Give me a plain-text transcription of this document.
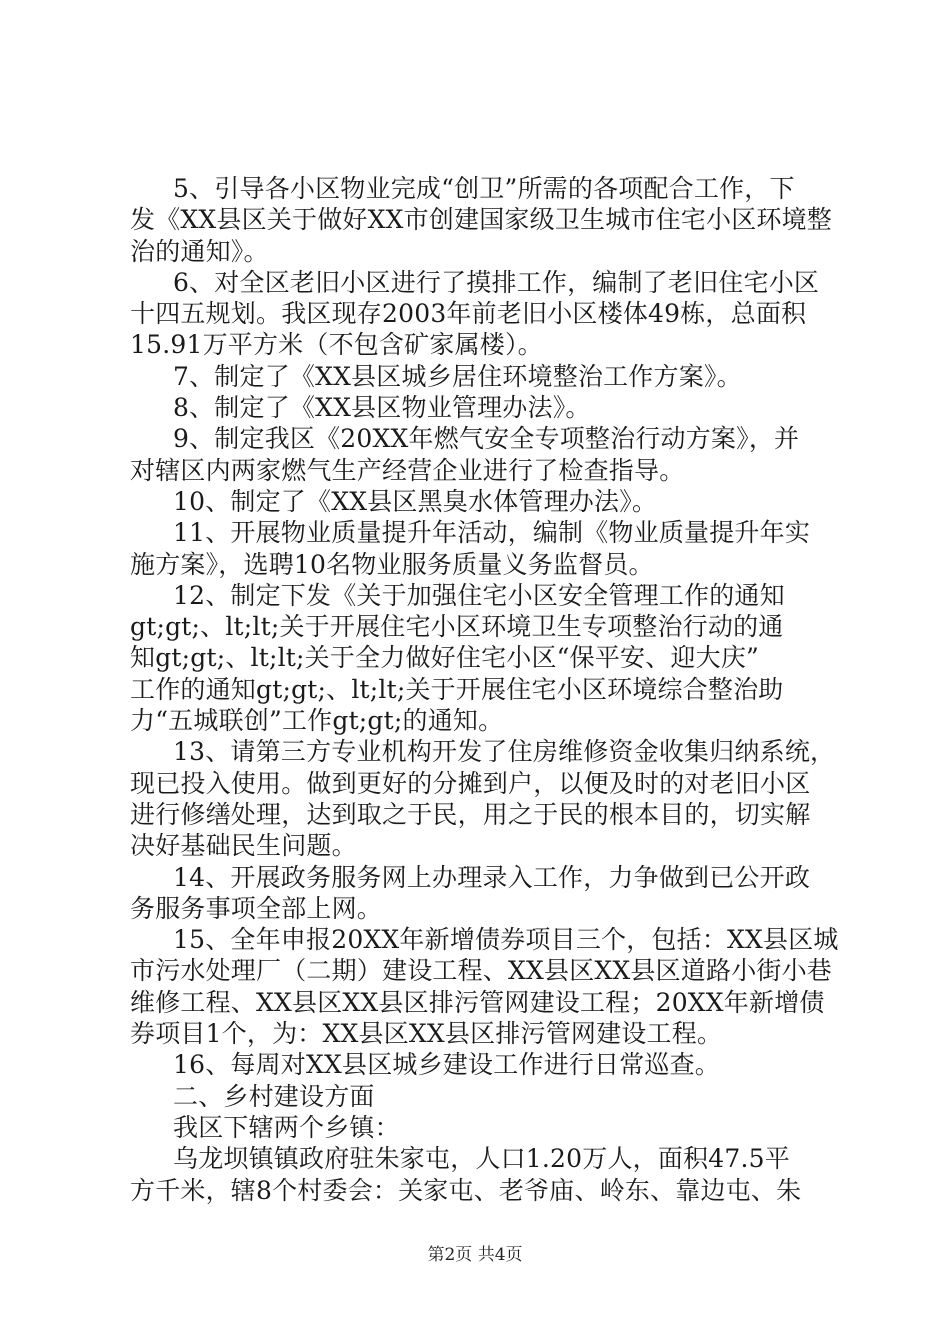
5、引导各小区物业完成“创卫”所需的各项配合工作，下
发《XX县区关于做好XX市创建国家级卫生城市住宅小区环境整
治的通知》。
6、对全区老旧小区进行了摸排工作，编制了老旧住宅小区
十四五规划。我区现存2003年前老旧小区楼体49栋，总面积
15.91万平方米（不包含矿家属楼）。
7、制定了《XX县区城乡居住环境整治工作方案》。
8、制定了《XX县区物业管理办法》。
9、制定我区《20XX年燃气安全专项整治行动方案》，并
对辖区内两家燃气生产经营企业进行了检查指导。
10、制定了《XX县区黑臭水体管理办法》。
11、开展物业质量提升年活动，编制《物业质量提升年实
施方案》，选聘10名物业服务质量义务监督员。
12、制定下发《关于加强住宅小区安全管理工作的通知
gt;gt;、lt;lt;关于开展住宅小区环境卫生专项整治行动的通
知gt;gt;、lt;lt;关于全力做好住宅小区“保平安、迎大庆”
工作的通知gt;gt;、lt;lt;关于开展住宅小区环境综合整治助
力“五城联创”工作gt;gt;的通知。
13、请第三方专业机构开发了住房维修资金收集归纳系统，
现已投入使用。做到更好的分摊到户，以便及时的对老旧小区
进行修缮处理，达到取之于民，用之于民的根本目的，切实解
决好基础民生问题。
14、开展政务服务网上办理录入工作，力争做到已公开政
务服务事项全部上网。
15、全年申报20XX年新增债券项目三个，包括：XX县区城
市污水处理厂（二期）建设工程、XX县区XX县区道路小街小巷
维修工程、XX县区XX县区排污管网建设工程；20XX年新增债
券项目1个，为：XX县区XX县区排污管网建设工程。
16、每周对XX县区城乡建设工作进行日常巡查。
二、乡村建设方面
我区下辖两个乡镇：
乌龙坝镇镇政府驻朱家屯，人口1.20万人，面积47.5平
方千米，辖8个村委会：关家屯、老爷庙、岭东、靠边屯、朱
第2页 共4页
